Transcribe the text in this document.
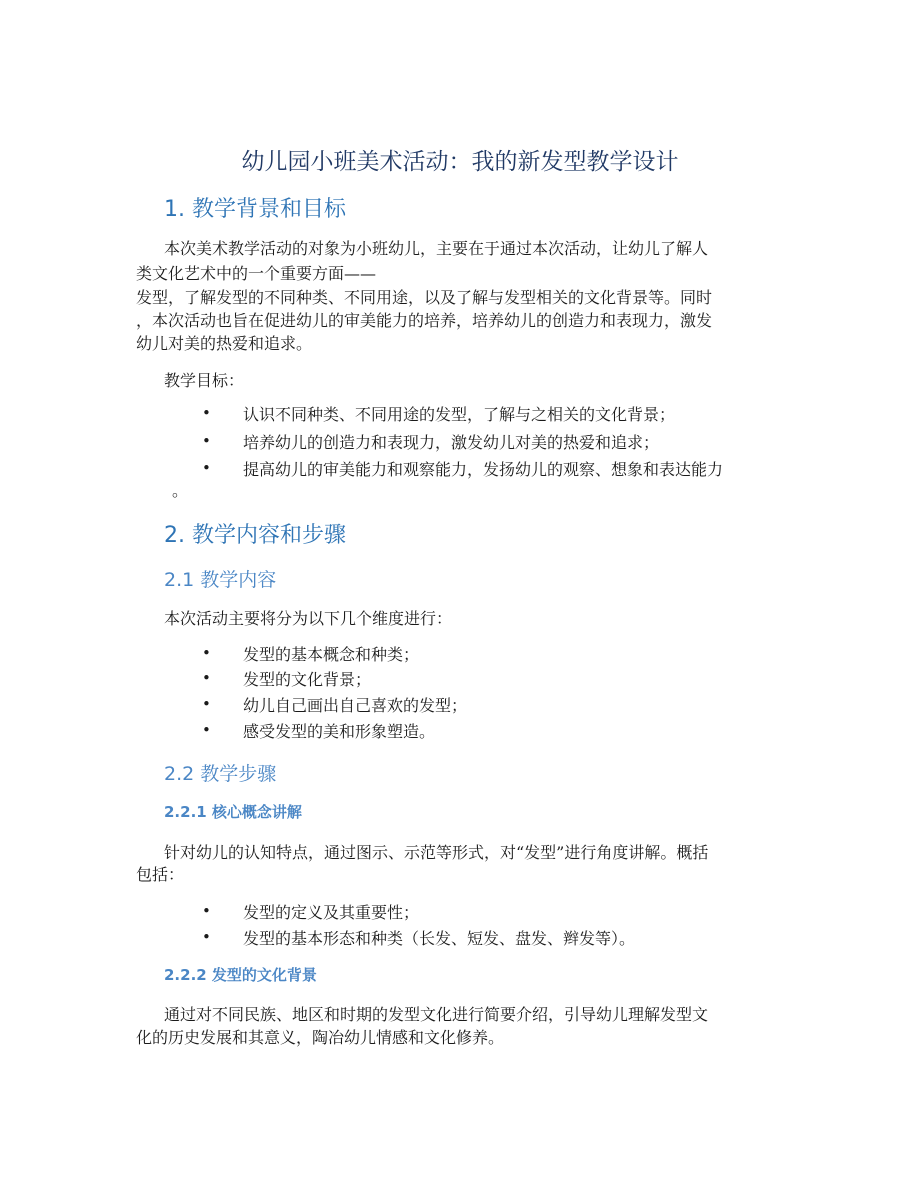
幼儿园小班美术活动：我的新发型教学设计
1. 教学背景和目标
本次美术教学活动的对象为小班幼儿，主要在于通过本次活动，让幼儿了解人
类文化艺术中的一个重要方面——
发型，了解发型的不同种类、不同用途，以及了解与发型相关的文化背景等。同时
，本次活动也旨在促进幼儿的审美能力的培养，培养幼儿的创造力和表现力，激发
幼儿对美的热爱和追求。
教学目标：
• 认识不同种类、不同用途的发型，了解与之相关的文化背景；
• 培养幼儿的创造力和表现力，激发幼儿对美的热爱和追求；
• 提高幼儿的审美能力和观察能力，发扬幼儿的观察、想象和表达能力
。
2. 教学内容和步骤
2.1 教学内容
本次活动主要将分为以下几个维度进行：
• 发型的基本概念和种类；
• 发型的文化背景；
• 幼儿自己画出自己喜欢的发型；
• 感受发型的美和形象塑造。
2.2 教学步骤
2.2.1 核心概念讲解
针对幼儿的认知特点，通过图示、示范等形式，对“发型”进行角度讲解。概括
包括：
• 发型的定义及其重要性；
• 发型的基本形态和种类（长发、短发、盘发、辫发等）。
2.2.2 发型的文化背景
通过对不同民族、地区和时期的发型文化进行简要介绍，引导幼儿理解发型文
化的历史发展和其意义，陶冶幼儿情感和文化修养。
